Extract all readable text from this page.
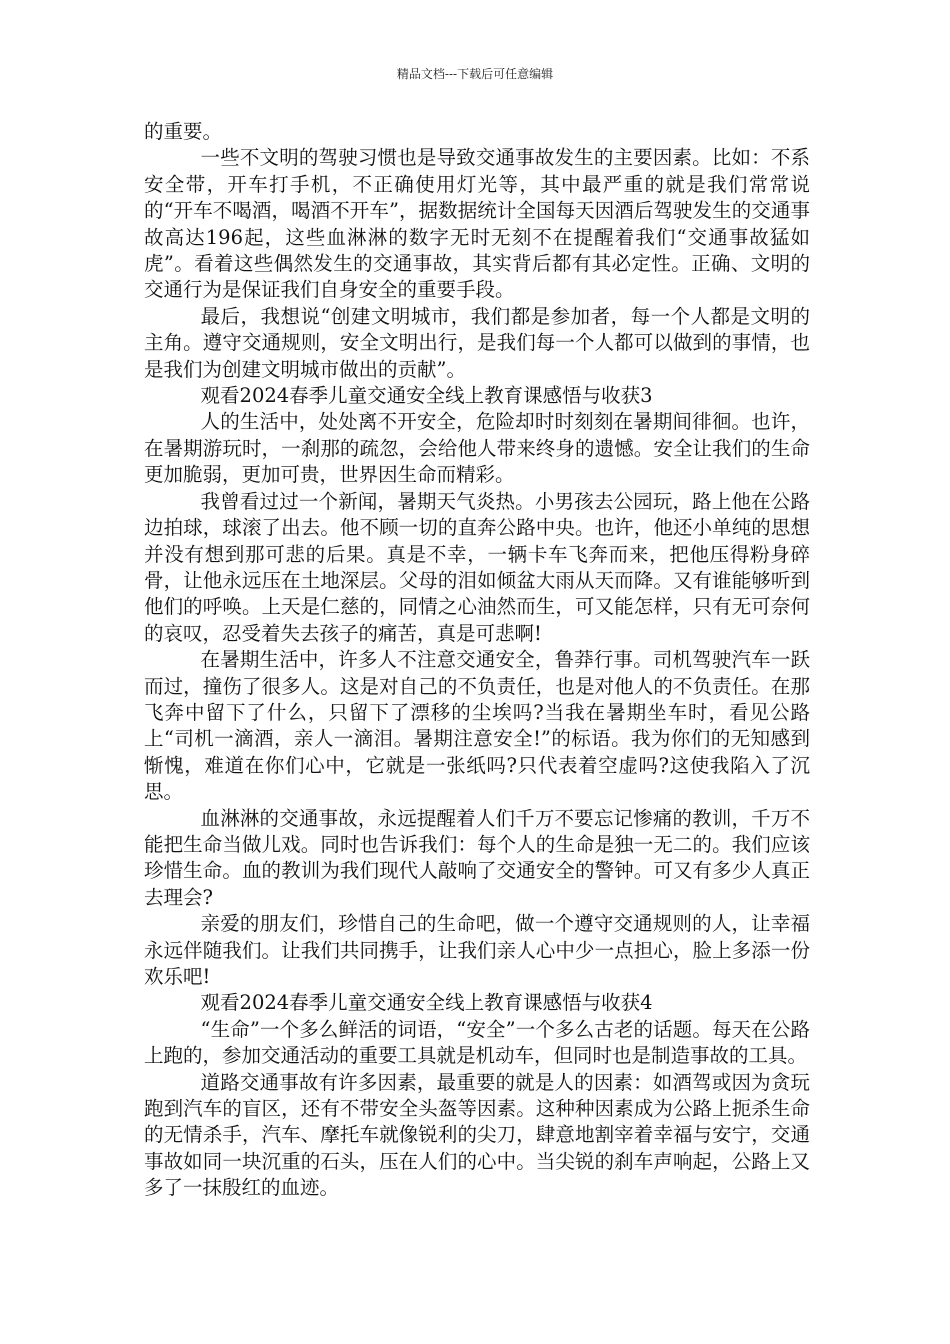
精品文档---下载后可任意编辑

的重要。

一些不文明的驾驶习惯也是导致交通事故发生的主要因素。比如：不系安全带，开车打手机，不正确使用灯光等，其中最严重的就是我们常常说的“开车不喝酒，喝酒不开车”，据数据统计全国每天因酒后驾驶发生的交通事故高达196起，这些血淋淋的数字无时无刻不在提醒着我们“交通事故猛如虎”。看着这些偶然发生的交通事故，其实背后都有其必定性。正确、文明的交通行为是保证我们自身安全的重要手段。

最后，我想说“创建文明城市，我们都是参加者，每一个人都是文明的主角。遵守交通规则，安全文明出行，是我们每一个人都可以做到的事情，也是我们为创建文明城市做出的贡献”。

观看2024春季儿童交通安全线上教育课感悟与收获3

人的生活中，处处离不开安全，危险却时时刻刻在暑期间徘徊。也许，在暑期游玩时，一刹那的疏忽，会给他人带来终身的遗憾。安全让我们的生命更加脆弱，更加可贵，世界因生命而精彩。

我曾看过过一个新闻，暑期天气炎热。小男孩去公园玩，路上他在公路边拍球，球滚了出去。他不顾一切的直奔公路中央。也许，他还小单纯的思想并没有想到那可悲的后果。真是不幸，一辆卡车飞奔而来，把他压得粉身碎骨，让他永远压在土地深层。父母的泪如倾盆大雨从天而降。又有谁能够听到他们的呼唤。上天是仁慈的，同情之心油然而生，可又能怎样，只有无可奈何的哀叹，忍受着失去孩子的痛苦，真是可悲啊!

在暑期生活中，许多人不注意交通安全，鲁莽行事。司机驾驶汽车一跃而过，撞伤了很多人。这是对自己的不负责任，也是对他人的不负责任。在那飞奔中留下了什么，只留下了漂移的尘埃吗?当我在暑期坐车时，看见公路上“司机一滴酒，亲人一滴泪。暑期注意安全!”的标语。我为你们的无知感到惭愧，难道在你们心中，它就是一张纸吗?只代表着空虚吗?这使我陷入了沉思。

血淋淋的交通事故，永远提醒着人们千万不要忘记惨痛的教训，千万不能把生命当做儿戏。同时也告诉我们：每个人的生命是独一无二的。我们应该珍惜生命。血的教训为我们现代人敲响了交通安全的警钟。可又有多少人真正去理会?

亲爱的朋友们，珍惜自己的生命吧，做一个遵守交通规则的人，让幸福永远伴随我们。让我们共同携手，让我们亲人心中少一点担心，脸上多添一份欢乐吧!

观看2024春季儿童交通安全线上教育课感悟与收获4

“生命”一个多么鲜活的词语，“安全”一个多么古老的话题。每天在公路上跑的，参加交通活动的重要工具就是机动车，但同时也是制造事故的工具。

道路交通事故有许多因素，最重要的就是人的因素：如酒驾或因为贪玩跑到汽车的盲区，还有不带安全头盔等因素。这种种因素成为公路上扼杀生命的无情杀手，汽车、摩托车就像锐利的尖刀，肆意地割宰着幸福与安宁，交通事故如同一块沉重的石头，压在人们的心中。当尖锐的刹车声响起，公路上又多了一抹殷红的血迹。
